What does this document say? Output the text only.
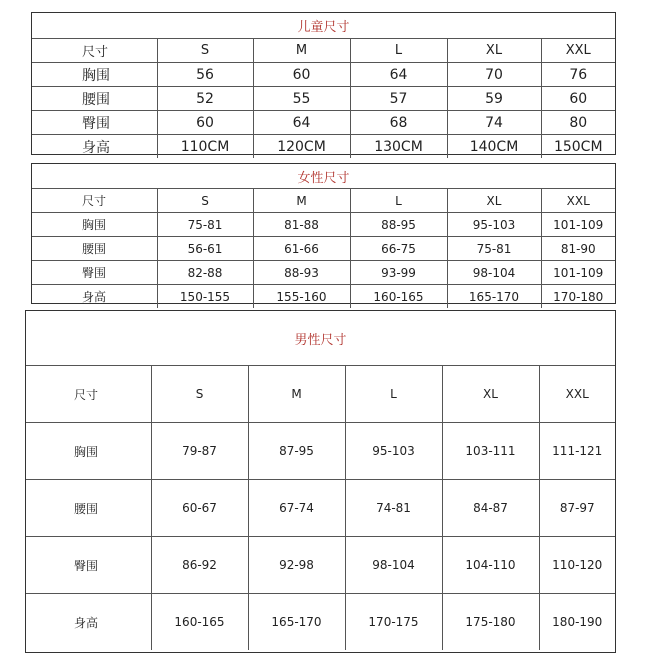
儿童尺寸					
尺寸	S	M	L	XL	XXL
胸围	56	60	64	70	76
腰围	52	55	57	59	60
臀围	60	64	68	74	80
身高	110CM	120CM	130CM	140CM	150CM
女性尺寸					
尺寸	S	M	L	XL	XXL
胸围	75-81	81-88	88-95	95-103	101-109
腰围	56-61	61-66	66-75	75-81	81-90
臀围	82-88	88-93	93-99	98-104	101-109
身高	150-155	155-160	160-165	165-170	170-180
男性尺寸					
尺寸	S	M	L	XL	XXL
胸围	79-87	87-95	95-103	103-111	111-121
腰围	60-67	67-74	74-81	84-87	87-97
臀围	86-92	92-98	98-104	104-110	110-120
身高	160-165	165-170	170-175	175-180	180-190
